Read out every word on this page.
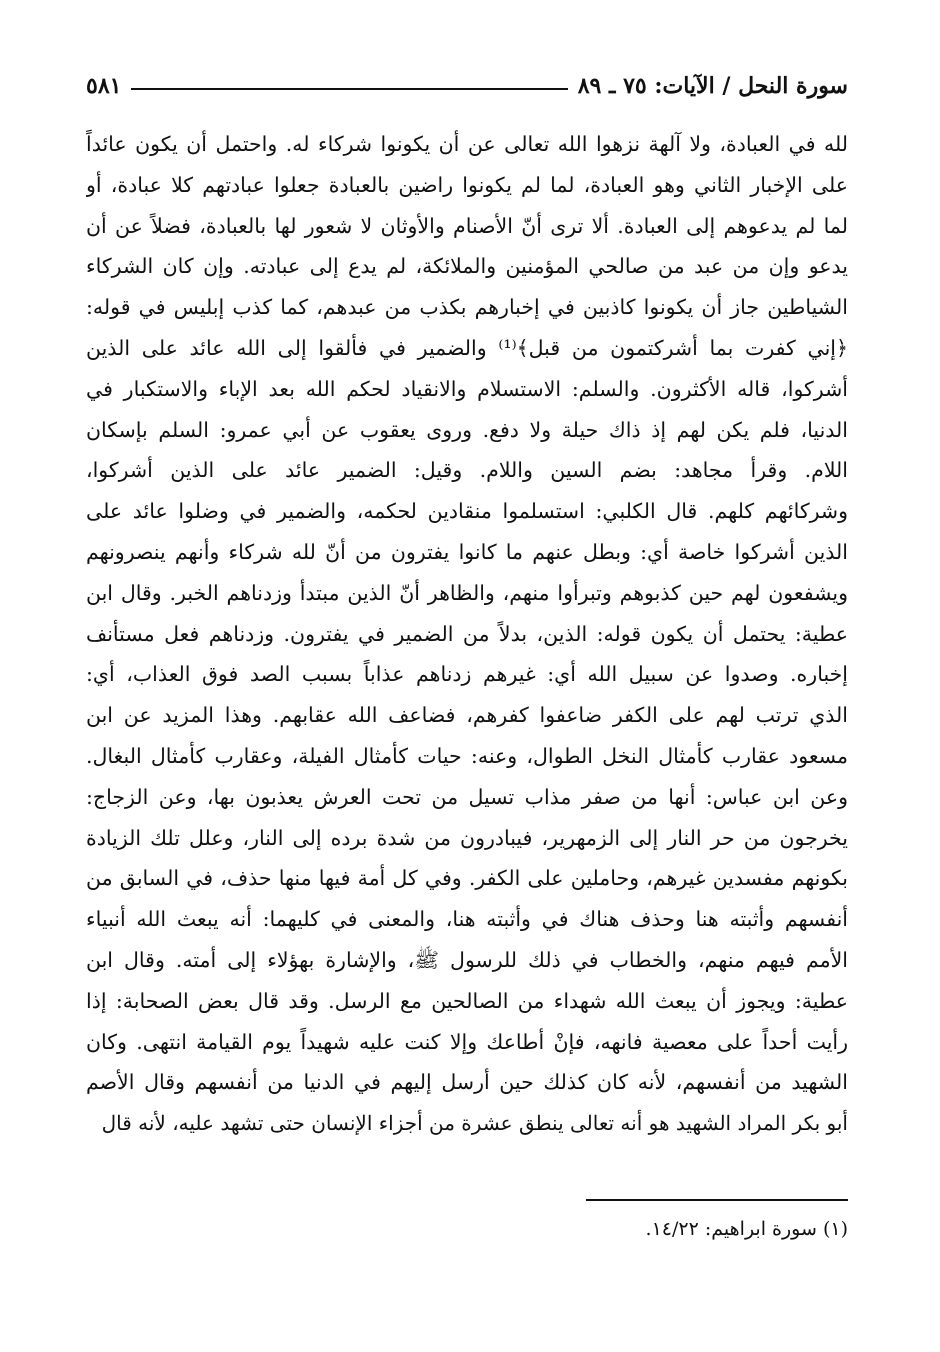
سورة النحل / الآيات: ٧٥ ـ ٨٩
٥٨١
لله في العبادة، ولا آلهة نزهوا الله تعالى عن أن يكونوا شركاء له. واحتمل أن يكون عائداً
على الإخبار الثاني وهو العبادة، لما لم يكونوا راضين بالعبادة جعلوا عبادتهم كلا عبادة، أو
لما لم يدعوهم إلى العبادة. ألا ترى أنّ الأصنام والأوثان لا شعور لها بالعبادة، فضلاً عن أن
يدعو وإن من عبد من صالحي المؤمنين والملائكة، لم يدع إلى عبادته. وإن كان الشركاء
الشياطين جاز أن يكونوا كاذبين في إخبارهم بكذب من عبدهم، كما كذب إبليس في قوله:
﴿إني كفرت بما أشركتمون من قبل﴾⁽¹⁾ والضمير في فألقوا إلى الله عائد على الذين
أشركوا، قاله الأكثرون. والسلم: الاستسلام والانقياد لحكم الله بعد الإباء والاستكبار في
الدنيا، فلم يكن لهم إذ ذاك حيلة ولا دفع. وروى يعقوب عن أبي عمرو: السلم بإسكان
اللام. وقرأ مجاهد: بضم السين واللام. وقيل: الضمير عائد على الذين أشركوا،
وشركائهم كلهم. قال الكلبي: استسلموا منقادين لحكمه، والضمير في وضلوا عائد على
الذين أشركوا خاصة أي: وبطل عنهم ما كانوا يفترون من أنّ لله شركاء وأنهم ينصرونهم
ويشفعون لهم حين كذبوهم وتبرأوا منهم، والظاهر أنّ الذين مبتدأ وزدناهم الخبر. وقال ابن
عطية: يحتمل أن يكون قوله: الذين، بدلاً من الضمير في يفترون. وزدناهم فعل مستأنف
إخباره. وصدوا عن سبيل الله أي: غيرهم زدناهم عذاباً بسبب الصد فوق العذاب، أي:
الذي ترتب لهم على الكفر ضاعفوا كفرهم، فضاعف الله عقابهم. وهذا المزيد عن ابن
مسعود عقارب كأمثال النخل الطوال، وعنه: حيات كأمثال الفيلة، وعقارب كأمثال البغال.
وعن ابن عباس: أنها من صفر مذاب تسيل من تحت العرش يعذبون بها، وعن الزجاج:
يخرجون من حر النار إلى الزمهرير، فيبادرون من شدة برده إلى النار، وعلل تلك الزيادة
بكونهم مفسدين غيرهم، وحاملين على الكفر. وفي كل أمة فيها منها حذف، في السابق من
أنفسهم وأثبته هنا وحذف هناك في وأثبته هنا، والمعنى في كليهما: أنه يبعث الله أنبياء
الأمم فيهم منهم، والخطاب في ذلك للرسول ﷺ، والإشارة بهؤلاء إلى أمته. وقال ابن
عطية: ويجوز أن يبعث الله شهداء من الصالحين مع الرسل. وقد قال بعض الصحابة: إذا
رأيت أحداً على معصية فانهه، فإنْ أطاعك وإلا كنت عليه شهيداً يوم القيامة انتهى. وكان
الشهيد من أنفسهم، لأنه كان كذلك حين أرسل إليهم في الدنيا من أنفسهم وقال الأصم
أبو بكر المراد الشهيد هو أنه تعالى ينطق عشرة من أجزاء الإنسان حتى تشهد عليه، لأنه قال
(١) سورة ابراهيم: ١٤/٢٢.
